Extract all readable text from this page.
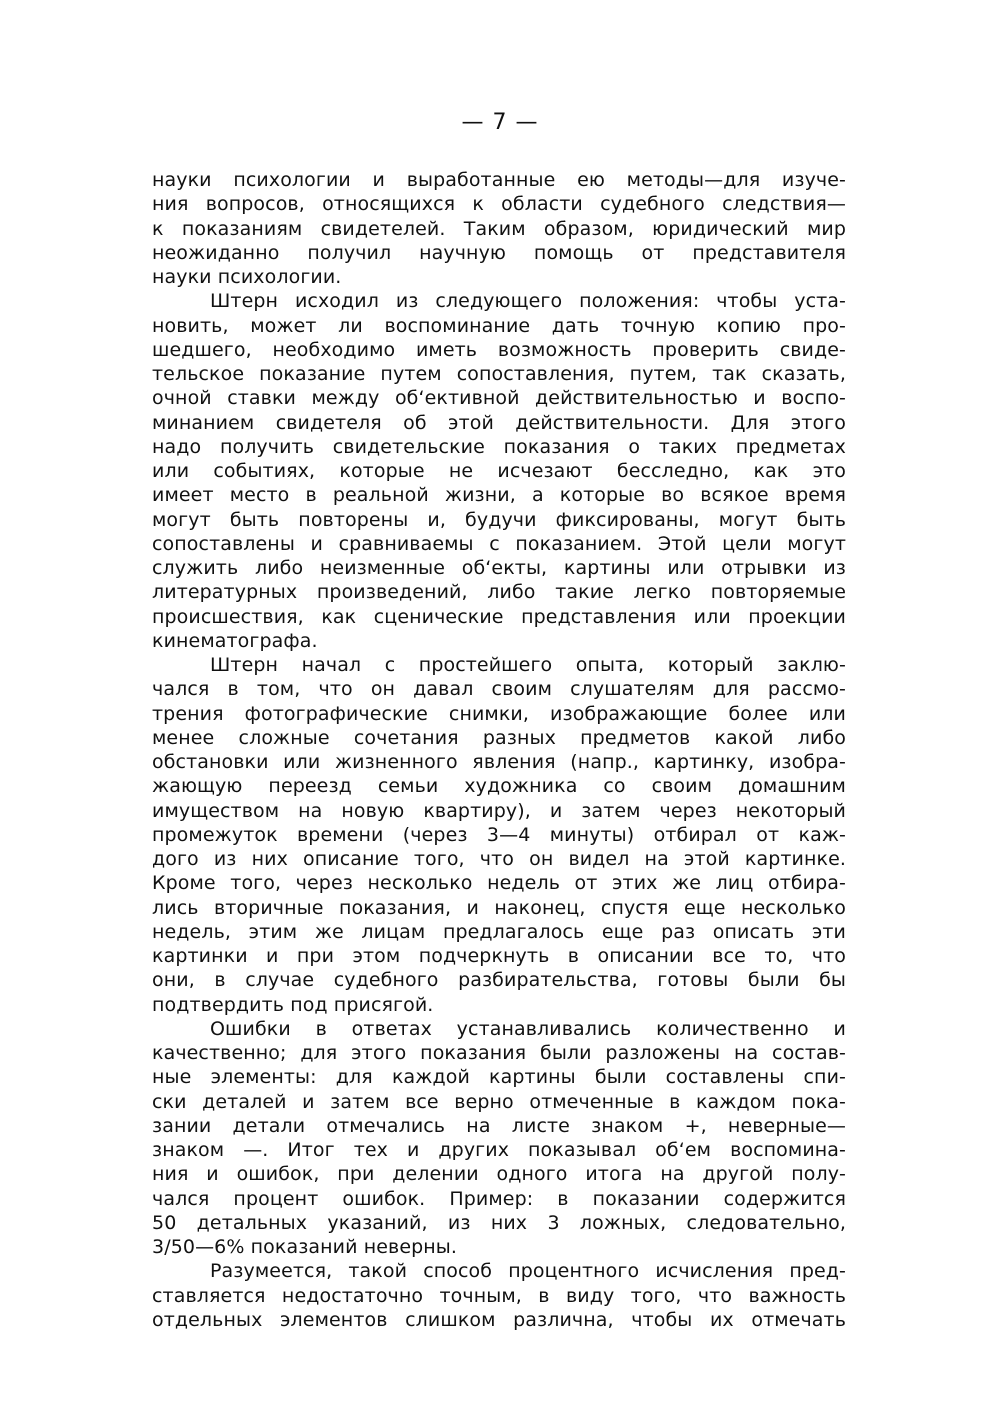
— 7 —
науки психологии и выработанные ею методы—для изуче-
ния вопросов, относящихся к области судебного следствия—
к показаниям свидетелей. Таким образом, юридический мир
неожиданно получил научную помощь от представителя
науки психологии.
Штерн исходил из следующего положения: чтобы уста-
новить, может ли воспоминание дать точную копию про-
шедшего, необходимо иметь возможность проверить свиде-
тельское показание путем сопоставления, путем, так сказать,
очной ставки между об‘ективной действительностью и воспо-
минанием свидетеля об этой действительности. Для этого
надо получить свидетельские показания о таких предметах
или событиях, которые не исчезают бесследно, как это
имеет место в реальной жизни, а которые во всякое время
могут быть повторены и, будучи фиксированы, могут быть
сопоставлены и сравниваемы с показанием. Этой цели могут
служить либо неизменные об‘екты, картины или отрывки из
литературных произведений, либо такие легко повторяемые
происшествия, как сценические представления или проекции
кинематографа.
Штерн начал с простейшего опыта, который заклю-
чался в том, что он давал своим слушателям для рассмо-
трения фотографические снимки, изображающие более или
менее сложные сочетания разных предметов какой либо
обстановки или жизненного явления (напр., картинку, изобра-
жающую переезд семьи художника со своим домашним
имуществом на новую квартиру), и затем через некоторый
промежуток времени (через 3—4 минуты) отбирал от каж-
дого из них описание того, что он видел на этой картинке.
Кроме того, через несколько недель от этих же лиц отбира-
лись вторичные показания, и наконец, спустя еще несколько
недель, этим же лицам предлагалось еще раз описать эти
картинки и при этом подчеркнуть в описании все то, что
они, в случае судебного разбирательства, готовы были бы
подтвердить под присягой.
Ошибки в ответах устанавливались количественно и
качественно; для этого показания были разложены на состав-
ные элементы: для каждой картины были составлены спи-
ски деталей и затем все верно отмеченные в каждом пока-
зании детали отмечались на листе знаком +, неверные—
знаком —. Итог тех и других показывал об‘ем воспомина-
ния и ошибок, при делении одного итога на другой полу-
чался процент ошибок. Пример: в показании содержится
50 детальных указаний, из них 3 ложных, следовательно,
3/50—6% показаний неверны.
Разумеется, такой способ процентного исчисления пред-
ставляется недостаточно точным, в виду того, что важность
отдельных элементов слишком различна, чтобы их отмечать
